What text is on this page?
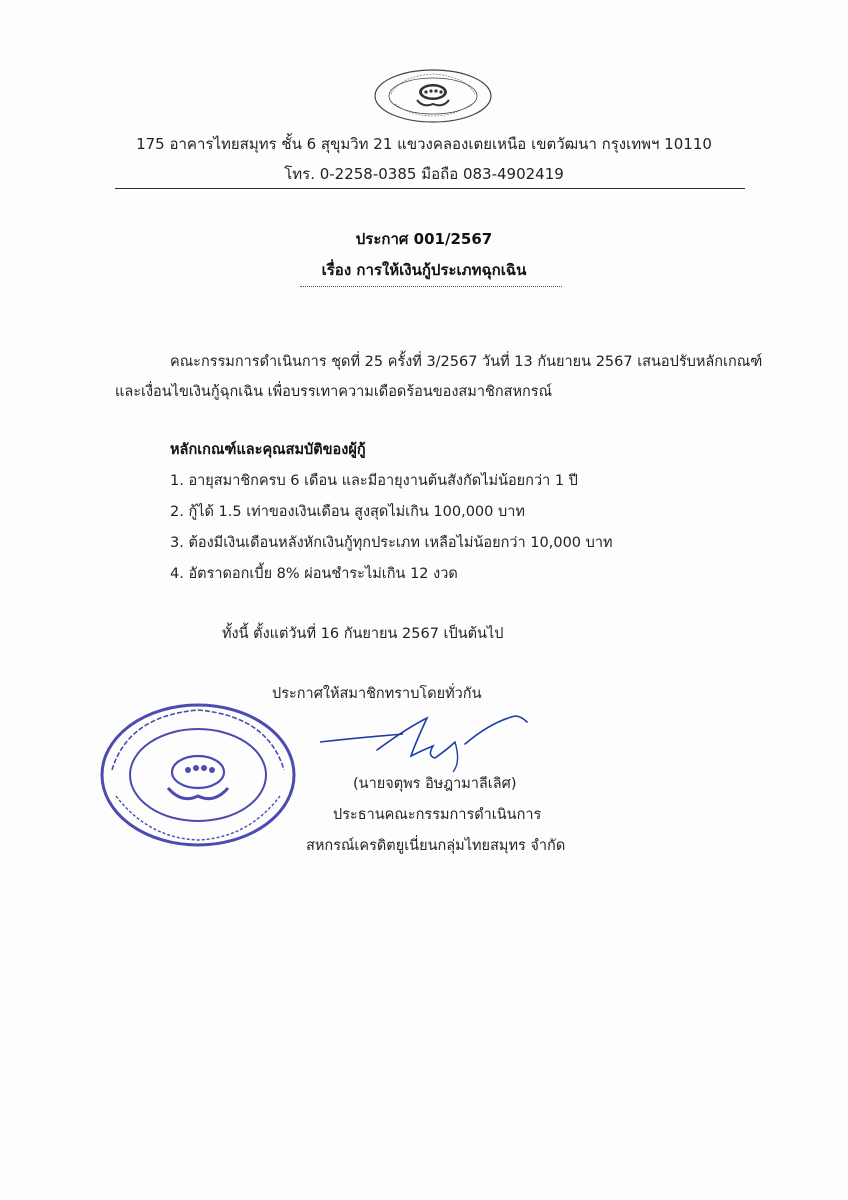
175 อาคารไทยสมุทร ชั้น 6 สุขุมวิท 21 แขวงคลองเตยเหนือ เขตวัฒนา กรุงเทพฯ 10110
โทร. 0-2258-0385 มือถือ 083-4902419
ประกาศ 001/2567
เรื่อง การให้เงินกู้ประเภทฉุกเฉิน
คณะกรรมการดำเนินการ ชุดที่ 25 ครั้งที่ 3/2567 วันที่ 13 กันยายน 2567 เสนอปรับหลักเกณฑ์
และเงื่อนไขเงินกู้ฉุกเฉิน เพื่อบรรเทาความเดือดร้อนของสมาชิกสหกรณ์
หลักเกณฑ์และคุณสมบัติของผู้กู้
1. อายุสมาชิกครบ 6 เดือน และมีอายุงานต้นสังกัดไม่น้อยกว่า 1 ปี
2. กู้ได้ 1.5 เท่าของเงินเดือน สูงสุดไม่เกิน 100,000 บาท
3. ต้องมีเงินเดือนหลังหักเงินกู้ทุกประเภท เหลือไม่น้อยกว่า 10,000 บาท
4. อัตราดอกเบี้ย 8% ผ่อนชำระไม่เกิน 12 งวด
ทั้งนี้ ตั้งแต่วันที่ 16 กันยายน 2567 เป็นต้นไป
ประกาศให้สมาชิกทราบโดยทั่วกัน
(นายจตุพร อิษฎามาลีเลิศ)
ประธานคณะกรรมการดำเนินการ
สหกรณ์เครดิตยูเนี่ยนกลุ่มไทยสมุทร จำกัด
